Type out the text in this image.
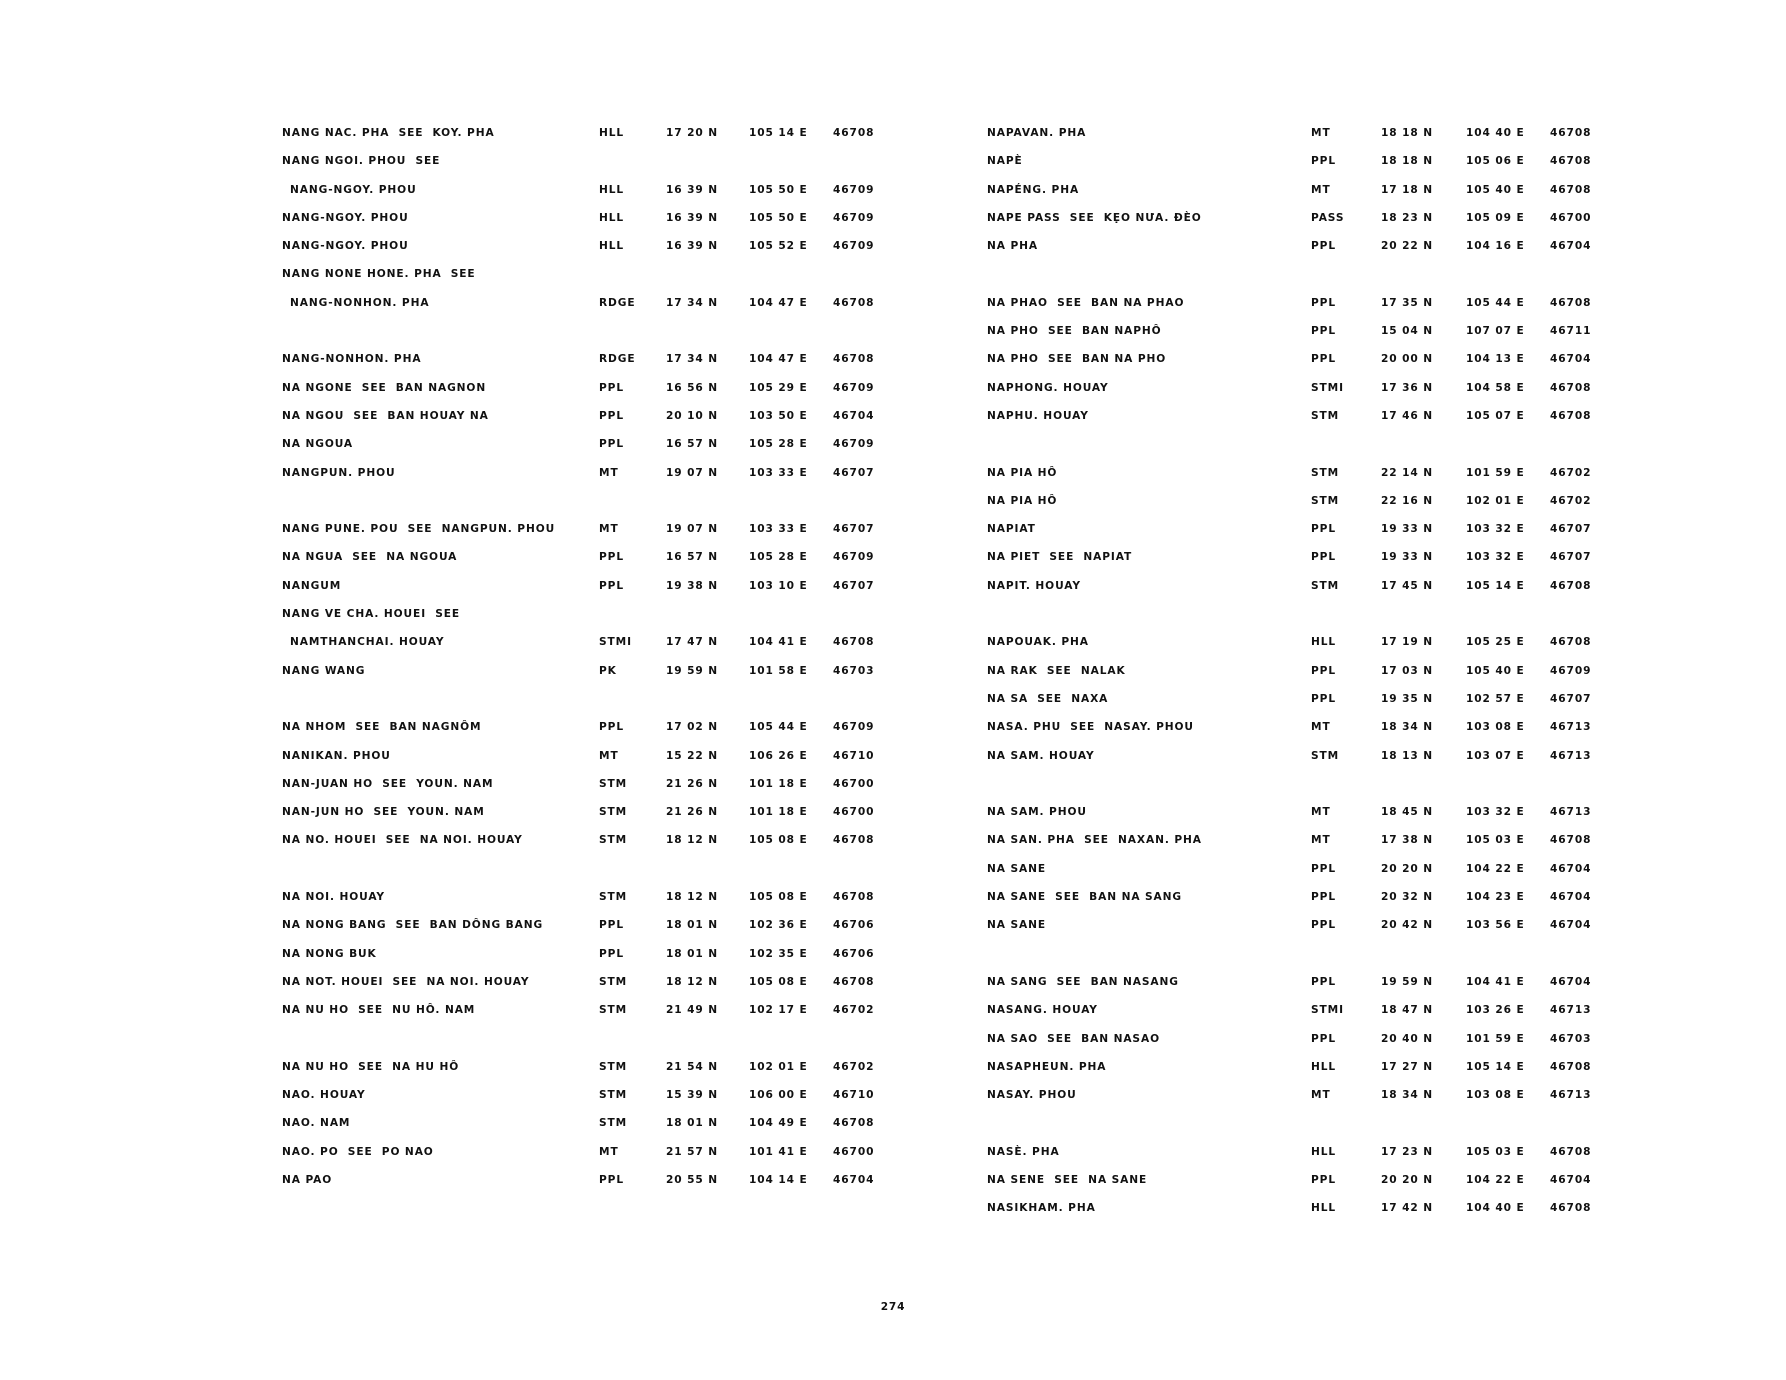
NANG NAC. PHA  SEE  KOY. PHA	HLL	17 20 N	105 14 E 46708
NANG NGOI. PHOU  SEE
NANG-NGOY. PHOU	HLL	16 39 N	105 50 E 46709
NANG-NGOY. PHOU	HLL	16 39 N	105 50 E 46709
NANG-NGOY. PHOU	HLL	16 39 N	105 52 E 46709
NANG NONE HONE. PHA  SEE
NANG-NONHON. PHA	RDGE	17 34 N	104 47 E 46708
NANG-NONHON. PHA	RDGE	17 34 N	104 47 E 46708
NA NGONE  SEE  BAN NAGNON	PPL	16 56 N	105 29 E 46709
NA NGOU  SEE  BAN HOUAY NA	PPL	20 10 N	103 50 E 46704
NA NGOUA	PPL	16 57 N	105 28 E 46709
NANGPUN. PHOU	MT	19 07 N	103 33 E 46707
NANG PUNE. POU  SEE  NANGPUN. PHOU	MT	19 07 N	103 33 E 46707
NA NGUA  SEE  NA NGOUA	PPL	16 57 N	105 28 E 46709
NANGUM	PPL	19 38 N	103 10 E 46707
NANG VE CHA. HOUEI  SEE
NAMTHANCHAI. HOUAY	STMI	17 47 N	104 41 E 46708
NANG WANG	PK	19 59 N	101 58 E 46703
NA NHOM  SEE  BAN NAGNÔM	PPL	17 02 N	105 44 E 46709
NANIKAN. PHOU	MT	15 22 N	106 26 E 46710
NAN-JUAN HO  SEE  YOUN. NAM	STM	21 26 N	101 18 E 46700
NAN-JUN HO  SEE  YOUN. NAM	STM	21 26 N	101 18 E 46700
NA NO. HOUEI  SEE  NA NOI. HOUAY	STM	18 12 N	105 08 E 46708
NA NOI. HOUAY	STM	18 12 N	105 08 E 46708
NA NONG BANG  SEE  BAN DÔNG BANG	PPL	18 01 N	102 36 E 46706
NA NONG BUK	PPL	18 01 N	102 35 E 46706
NA NOT. HOUEI  SEE  NA NOI. HOUAY	STM	18 12 N	105 08 E 46708
NA NU HO  SEE  NU HÔ. NAM	STM	21 49 N	102 17 E 46702
NA NU HO  SEE  NA HU HÔ	STM	21 54 N	102 01 E 46702
NAO. HOUAY	STM	15 39 N	106 00 E 46710
NAO. NAM	STM	18 01 N	104 49 E 46708
NAO. PO  SEE  PO NAO	MT	21 57 N	101 41 E 46700
NA PAO	PPL	20 55 N	104 14 E 46704
NAPAVAN. PHA	MT	18 18 N	104 40 E 46708
NAPÈ	PPL	18 18 N	105 06 E 46708
NAPÉNG. PHA	MT	17 18 N	105 40 E 46708
NAPE PASS  SEE  KẸO NƯA. ĐÈO	PASS	18 23 N	105 09 E 46700
NA PHA	PPL	20 22 N	104 16 E 46704
NA PHAO  SEE  BAN NA PHAO	PPL	17 35 N	105 44 E 46708
NA PHO  SEE  BAN NAPHÔ	PPL	15 04 N	107 07 E 46711
NA PHO  SEE  BAN NA PHO	PPL	20 00 N	104 13 E 46704
NAPHONG. HOUAY	STMI	17 36 N	104 58 E 46708
NAPHU. HOUAY	STM	17 46 N	105 07 E 46708
NA PIA HÔ	STM	22 14 N	101 59 E 46702
NA PIA HÔ	STM	22 16 N	102 01 E 46702
NAPIAT	PPL	19 33 N	103 32 E 46707
NA PIET  SEE  NAPIAT	PPL	19 33 N	103 32 E 46707
NAPIT. HOUAY	STM	17 45 N	105 14 E 46708
NAPOUAK. PHA	HLL	17 19 N	105 25 E 46708
NA RAK  SEE  NALAK	PPL	17 03 N	105 40 E 46709
NA SA  SEE  NAXA	PPL	19 35 N	102 57 E 46707
NASA. PHU  SEE  NASAY. PHOU	MT	18 34 N	103 08 E 46713
NA SAM. HOUAY	STM	18 13 N	103 07 E 46713
NA SAM. PHOU	MT	18 45 N	103 32 E 46713
NA SAN. PHA  SEE  NAXAN. PHA	MT	17 38 N	105 03 E 46708
NA SANE	PPL	20 20 N	104 22 E 46704
NA SANE  SEE  BAN NA SANG	PPL	20 32 N	104 23 E 46704
NA SANE	PPL	20 42 N	103 56 E 46704
NA SANG  SEE  BAN NASANG	PPL	19 59 N	104 41 E 46704
NASANG. HOUAY	STMI	18 47 N	103 26 E 46713
NA SAO  SEE  BAN NASAO	PPL	20 40 N	101 59 E 46703
NASAPHEUN. PHA	HLL	17 27 N	105 14 E 46708
NASAY. PHOU	MT	18 34 N	103 08 E 46713
NASÈ. PHA	HLL	17 23 N	105 03 E 46708
NA SENE  SEE  NA SANE	PPL	20 20 N	104 22 E 46704
NASIKHAM. PHA	HLL	17 42 N	104 40 E 46708
274
